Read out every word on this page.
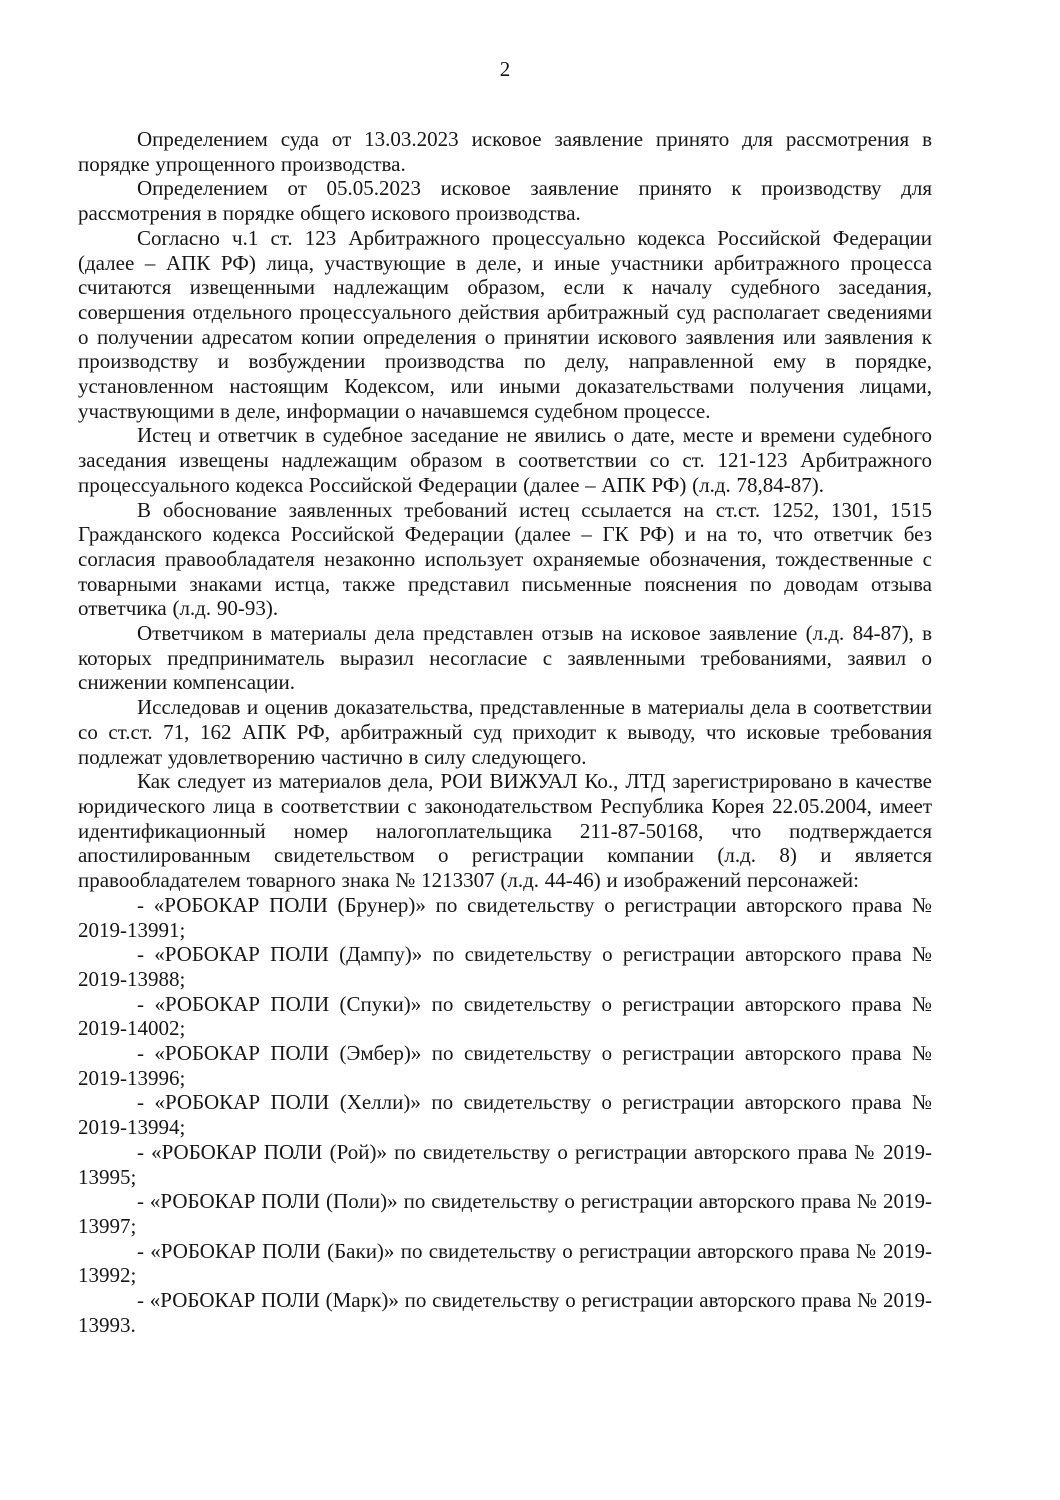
2

Определением суда от 13.03.2023 исковое заявление принято для рассмотрения в порядке упрощенного производства.

Определением от 05.05.2023 исковое заявление принято к производству для рассмотрения в порядке общего искового производства.

Согласно ч.1 ст. 123 Арбитражного процессуально кодекса Российской Федерации (далее – АПК РФ) лица, участвующие в деле, и иные участники арбитражного процесса считаются извещенными надлежащим образом, если к началу судебного заседания, совершения отдельного процессуального действия арбитражный суд располагает сведениями о получении адресатом копии определения о принятии искового заявления или заявления к производству и возбуждении производства по делу, направленной ему в порядке, установленном настоящим Кодексом, или иными доказательствами получения лицами, участвующими в деле, информации о начавшемся судебном процессе.

Истец и ответчик в судебное заседание не явились о дате, месте и времени судебного заседания извещены надлежащим образом в соответствии со ст. 121-123 Арбитражного процессуального кодекса Российской Федерации (далее – АПК РФ) (л.д. 78,84-87).

В обоснование заявленных требований истец ссылается на ст.ст. 1252, 1301, 1515 Гражданского кодекса Российской Федерации (далее – ГК РФ) и на то, что ответчик без согласия правообладателя незаконно использует охраняемые обозначения, тождественные с товарными знаками истца, также представил письменные пояснения по доводам отзыва ответчика (л.д. 90-93).

Ответчиком в материалы дела представлен отзыв на исковое заявление (л.д. 84-87), в которых предприниматель выразил несогласие с заявленными требованиями, заявил о снижении компенсации.

Исследовав и оценив доказательства, представленные в материалы дела в соответствии со ст.ст. 71, 162 АПК РФ, арбитражный суд приходит к выводу, что исковые требования подлежат удовлетворению частично в силу следующего.

Как следует из материалов дела, РОИ ВИЖУАЛ Ко., ЛТД зарегистрировано в качестве юридического лица в соответствии с законодательством Республика Корея 22.05.2004, имеет идентификационный номер налогоплательщика 211-87-50168, что подтверждается апостилированным свидетельством о регистрации компании (л.д. 8) и является правообладателем товарного знака № 1213307 (л.д. 44-46) и изображений персонажей:

- «РОБОКАР ПОЛИ (Брунер)» по свидетельству о регистрации авторского права № 2019-13991;

- «РОБОКАР ПОЛИ (Дампу)» по свидетельству о регистрации авторского права № 2019-13988;

- «РОБОКАР ПОЛИ (Спуки)» по свидетельству о регистрации авторского права № 2019-14002;

- «РОБОКАР ПОЛИ (Эмбер)» по свидетельству о регистрации авторского права № 2019-13996;

- «РОБОКАР ПОЛИ (Хелли)» по свидетельству о регистрации авторского права № 2019-13994;

- «РОБОКАР ПОЛИ (Рой)» по свидетельству о регистрации авторского права № 2019-13995;

- «РОБОКАР ПОЛИ (Поли)» по свидетельству о регистрации авторского права № 2019-13997;

- «РОБОКАР ПОЛИ (Баки)» по свидетельству о регистрации авторского права № 2019-13992;

- «РОБОКАР ПОЛИ (Марк)» по свидетельству о регистрации авторского права № 2019-13993.
